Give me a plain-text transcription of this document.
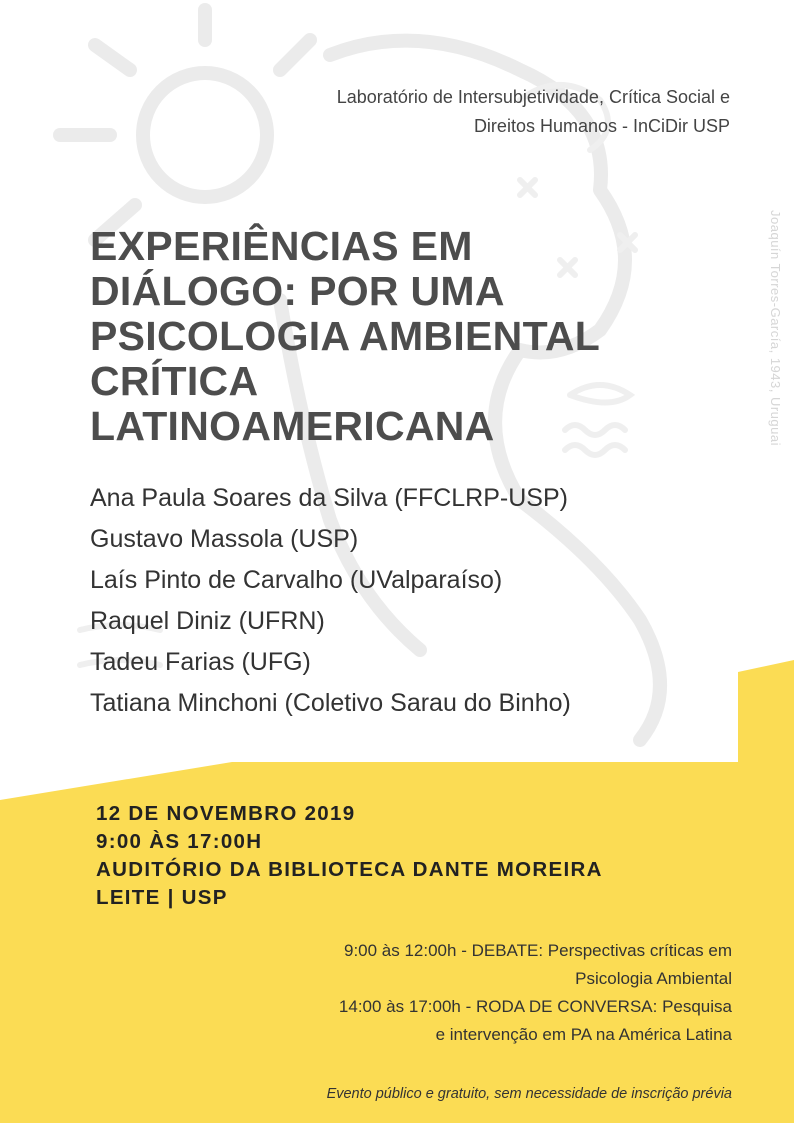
Laboratório de Intersubjetividade, Crítica Social e
Direitos Humanos - InCiDir USP
EXPERIÊNCIAS EM
DIÁLOGO: POR UMA
PSICOLOGIA AMBIENTAL
CRÍTICA
LATINOAMERICANA	Joaquín Torres-García, 1943, Uruguai
Ana Paula Soares da Silva (FFCLRP-USP)
Gustavo Massola (USP)
Laís Pinto de Carvalho (UValparaíso)
Raquel Diniz (UFRN)
Tadeu Farias (UFG)
Tatiana Minchoni (Coletivo Sarau do Binho)
12 DE NOVEMBRO 2019
9:00 ÀS 17:00H
AUDITÓRIO DA BIBLIOTECA DANTE MOREIRA
LEITE | USP
9:00 às 12:00h - DEBATE: Perspectivas críticas em
Psicologia Ambiental
14:00 às 17:00h - RODA DE CONVERSA: Pesquisa
e intervenção em PA na América Latina
Evento público e gratuito, sem necessidade de inscrição prévia
